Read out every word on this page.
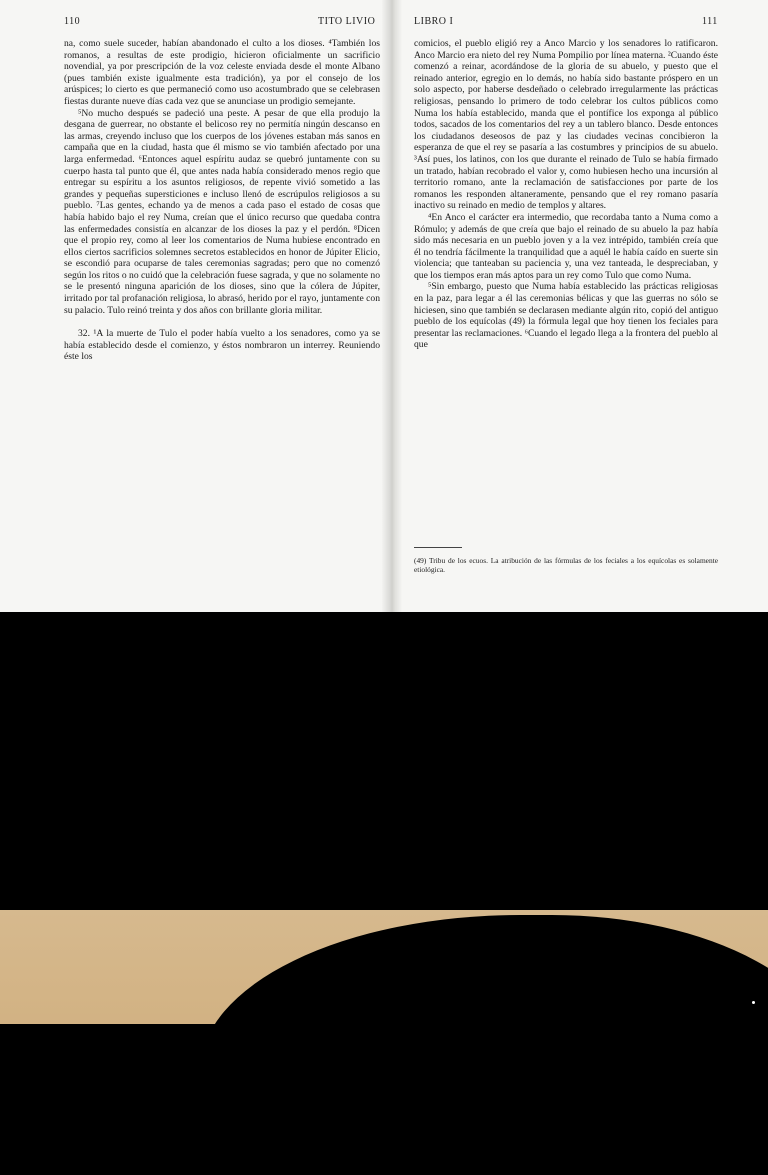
110	TITO LIVIO

na, como suele suceder, habían abandonado el culto a los dioses. ⁴También los romanos, a resultas de este prodigio, hicieron oficialmente un sacrificio novendial, ya por prescripción de la voz celeste enviada desde el monte Albano (pues también existe igualmente esta tradición), ya por el consejo de los arúspices; lo cierto es que permaneció como uso acostumbrado que se celebrasen fiestas durante nueve días cada vez que se anunciase un prodigio semejante.

⁵No mucho después se padeció una peste. A pesar de que ella produjo la desgana de guerrear, no obstante el belicoso rey no permitía ningún descanso en las armas, creyendo incluso que los cuerpos de los jóvenes estaban más sanos en campaña que en la ciudad, hasta que él mismo se vio también afectado por una larga enfermedad. ⁶Entonces aquel espíritu audaz se quebró juntamente con su cuerpo hasta tal punto que él, que antes nada había considerado menos regio que entregar su espíritu a los asuntos religiosos, de repente vivió sometido a las grandes y pequeñas supersticiones e incluso llenó de escrúpulos religiosos a su pueblo. ⁷Las gentes, echando ya de menos a cada paso el estado de cosas que había habido bajo el rey Numa, creían que el único recurso que quedaba contra las enfermedades consistía en alcanzar de los dioses la paz y el perdón. ⁸Dicen que el propio rey, como al leer los comentarios de Numa hubiese encontrado en ellos ciertos sacrificios solemnes secretos establecidos en honor de Júpiter Elicio, se escondió para ocuparse de tales ceremonias sagradas; pero que no comenzó según los ritos o no cuidó que la celebración fuese sagrada, y que no solamente no se le presentó ninguna aparición de los dioses, sino que la cólera de Júpiter, irritado por tal profanación religiosa, lo abrasó, herido por el rayo, juntamente con su palacio. Tulo reinó treinta y dos años con brillante gloria militar.

32. ¹A la muerte de Tulo el poder había vuelto a los senadores, como ya se había establecido desde el comienzo, y éstos nombraron un interrey. Reuniendo éste los

LIBRO I	111

comicios, el pueblo eligió rey a Anco Marcio y los senadores lo ratificaron. Anco Marcio era nieto del rey Numa Pompilio por línea materna. ²Cuando éste comenzó a reinar, acordándose de la gloria de su abuelo, y puesto que el reinado anterior, egregio en lo demás, no había sido bastante próspero en un solo aspecto, por haberse desdeñado o celebrado irregularmente las prácticas religiosas, pensando lo primero de todo celebrar los cultos públicos como Numa los había establecido, manda que el pontífice los exponga al público todos, sacados de los comentarios del rey a un tablero blanco. Desde entonces los ciudadanos deseosos de paz y las ciudades vecinas concibieron la esperanza de que el rey se pasaría a las costumbres y principios de su abuelo. ³Así pues, los latinos, con los que durante el reinado de Tulo se había firmado un tratado, habían recobrado el valor y, como hubiesen hecho una incursión al territorio romano, ante la reclamación de satisfacciones por parte de los romanos les responden altaneramente, pensando que el rey romano pasaría inactivo su reinado en medio de templos y altares.

⁴En Anco el carácter era intermedio, que recordaba tanto a Numa como a Rómulo; y además de que creía que bajo el reinado de su abuelo la paz había sido más necesaria en un pueblo joven y a la vez intrépido, también creía que él no tendría fácilmente la tranquilidad que a aquél le había caído en suerte sin violencia; que tanteaban su paciencia y, una vez tanteada, le despreciaban, y que los tiempos eran más aptos para un rey como Tulo que como Numa.

⁵Sin embargo, puesto que Numa había establecido las prácticas religiosas en la paz, para legar a él las ceremonias bélicas y que las guerras no sólo se hiciesen, sino que también se declarasen mediante algún rito, copió del antiguo pueblo de los equícolas (49) la fórmula legal que hoy tienen los feciales para presentar las reclamaciones. ⁶Cuando el legado llega a la frontera del pueblo al que

(49) Tribu de los ecuos. La atribución de las fórmulas de los feciales a los equícolas es solamente etiológica.
